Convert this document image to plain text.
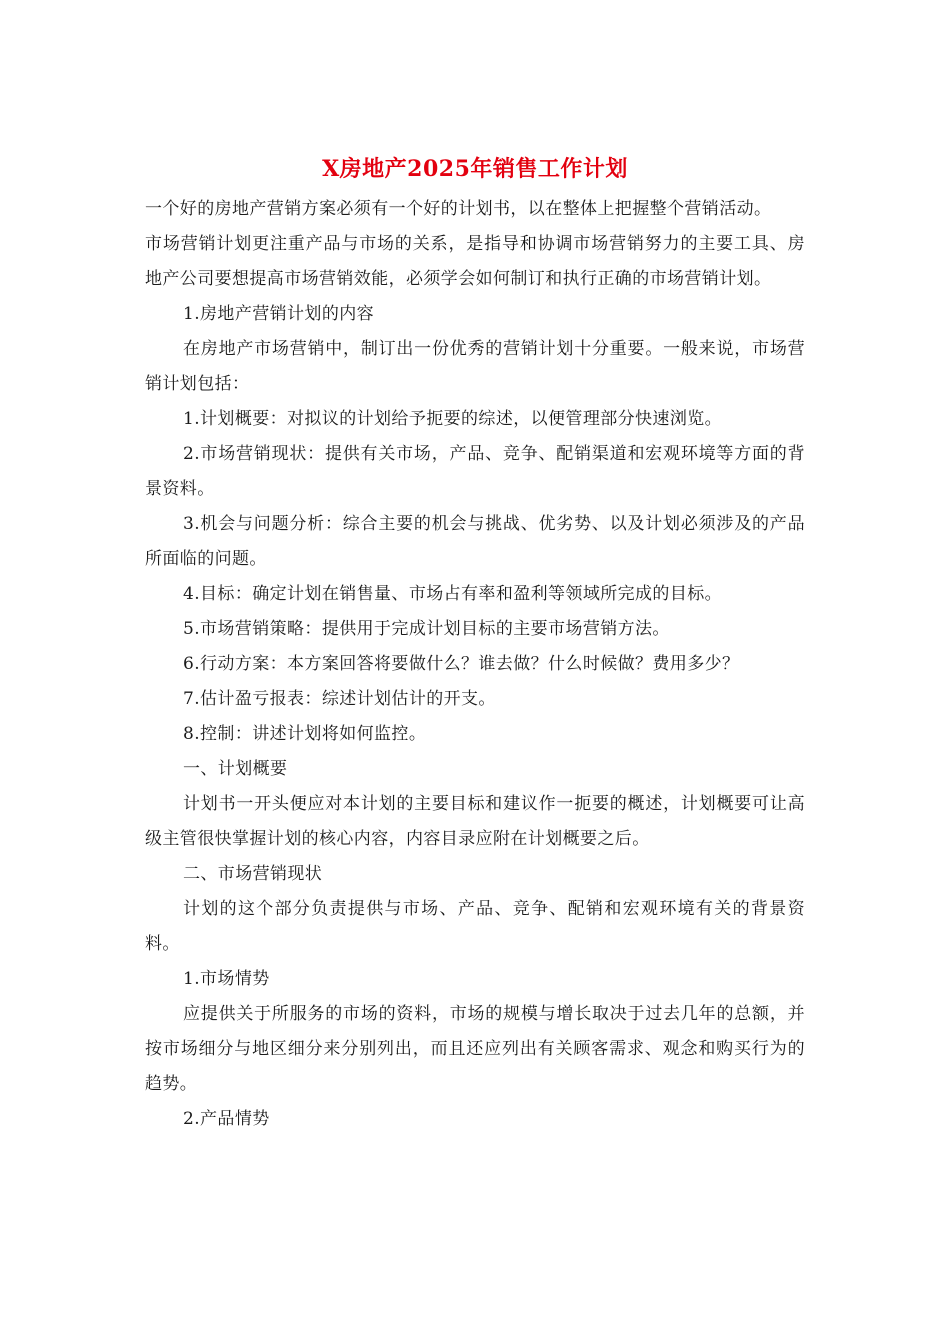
X房地产2025年销售工作计划

一个好的房地产营销方案必须有一个好的计划书，以在整体上把握整个营销活动。

市场营销计划更注重产品与市场的关系，是指导和协调市场营销努力的主要工具、房地产公司要想提高市场营销效能，必须学会如何制订和执行正确的市场营销计划。

1.房地产营销计划的内容

在房地产市场营销中，制订出一份优秀的营销计划十分重要。一般来说，市场营销计划包括：

1.计划概要：对拟议的计划给予扼要的综述，以便管理部分快速浏览。

2.市场营销现状：提供有关市场，产品、竞争、配销渠道和宏观环境等方面的背景资料。

3.机会与问题分析：综合主要的机会与挑战、优劣势、以及计划必须涉及的产品所面临的问题。

4.目标：确定计划在销售量、市场占有率和盈利等领域所完成的目标。

5.市场营销策略：提供用于完成计划目标的主要市场营销方法。

6.行动方案：本方案回答将要做什么？谁去做？什么时候做？费用多少？

7.估计盈亏报表：综述计划估计的开支。

8.控制：讲述计划将如何监控。

一、计划概要

计划书一开头便应对本计划的主要目标和建议作一扼要的概述，计划概要可让高级主管很快掌握计划的核心内容，内容目录应附在计划概要之后。

二、市场营销现状

计划的这个部分负责提供与市场、产品、竞争、配销和宏观环境有关的背景资料。

1.市场情势

应提供关于所服务的市场的资料，市场的规模与增长取决于过去几年的总额，并按市场细分与地区细分来分别列出，而且还应列出有关顾客需求、观念和购买行为的趋势。

2.产品情势
